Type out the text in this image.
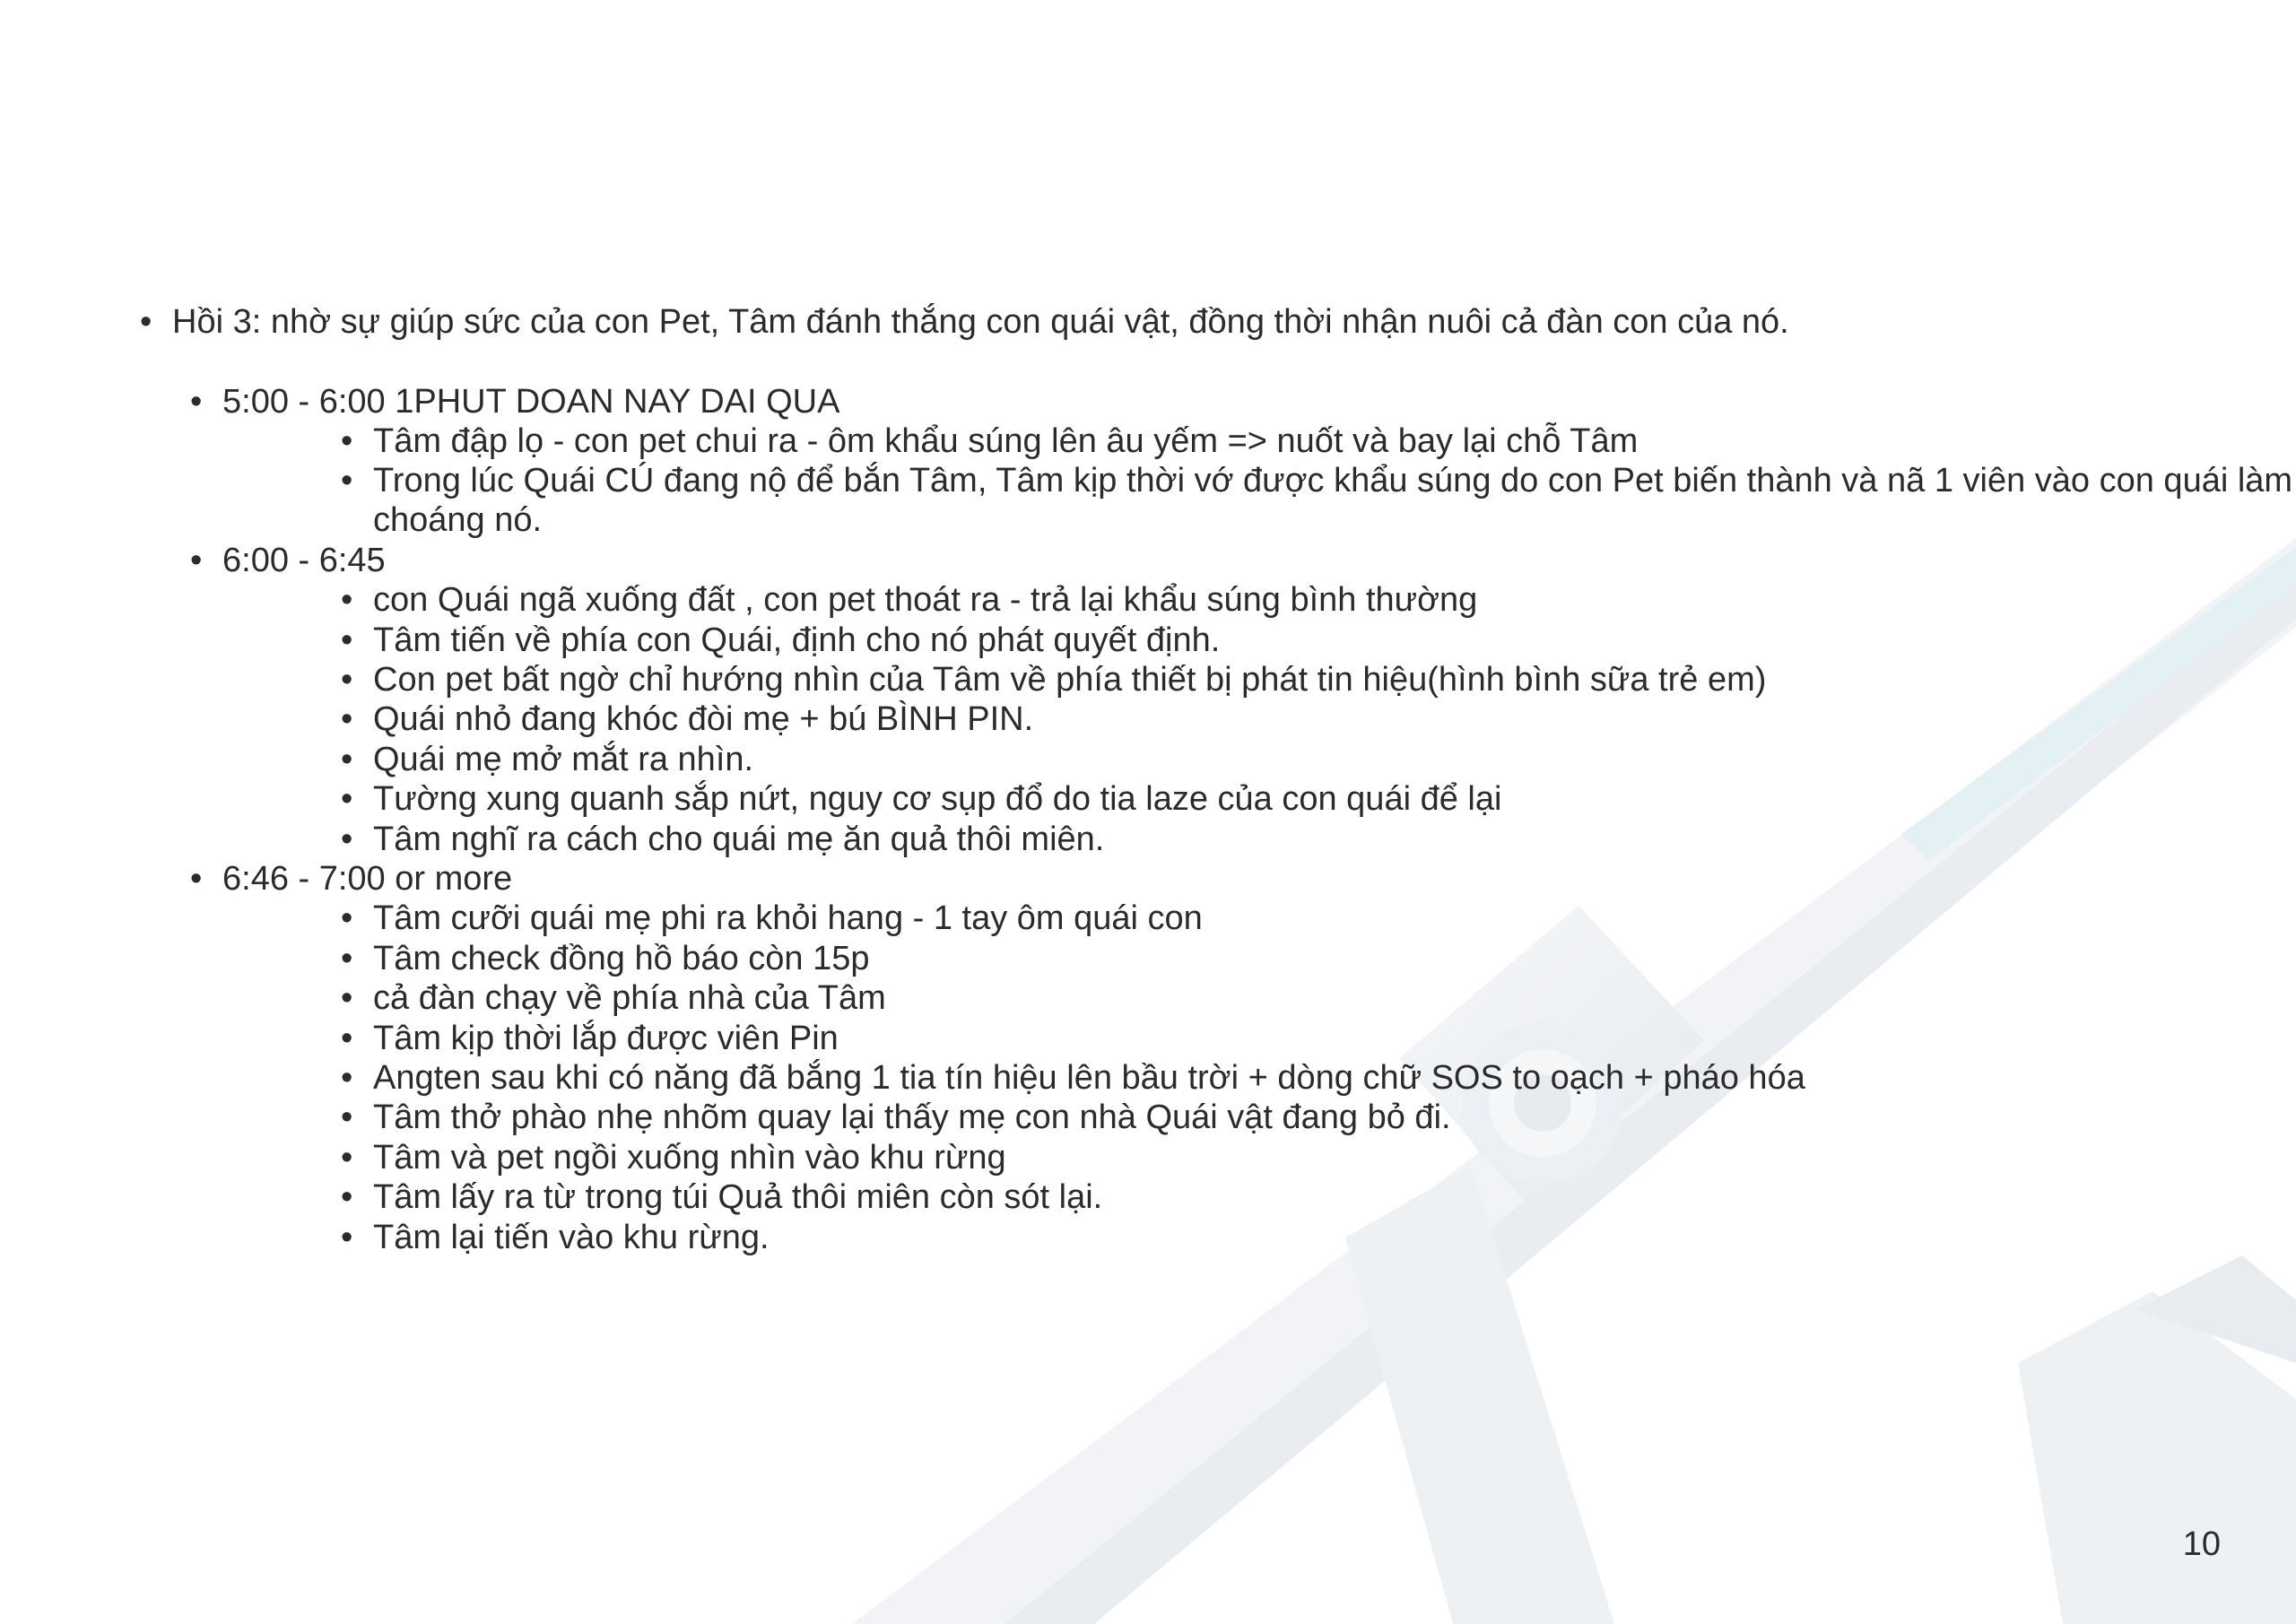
• Hồi 3: nhờ sự giúp sức của con Pet, Tâm đánh thắng con quái vật, đồng thời nhận nuôi cả đàn con của nó.
• 5:00 - 6:00 1PHUT DOAN NAY DAI QUA
• Tâm đập lọ - con pet chui ra - ôm khẩu súng lên âu yếm => nuốt và bay lại chỗ Tâm
• Trong lúc Quái CÚ đang nộ để bắn Tâm, Tâm kịp thời vớ được khẩu súng do con Pet biến thành và nã 1 viên vào con quái làm choáng nó.
• 6:00 - 6:45
• con Quái ngã xuống đất , con pet thoát ra - trả lại khẩu súng bình thường
• Tâm tiến về phía con Quái, định cho nó phát quyết định.
• Con pet bất ngờ chỉ hướng nhìn của Tâm về phía thiết bị phát tin hiệu(hình bình sữa trẻ em)
• Quái nhỏ đang khóc đòi mẹ + bú BÌNH PIN.
• Quái mẹ mở mắt ra nhìn.
• Tường xung quanh sắp nứt, nguy cơ sụp đổ do tia laze của con quái để lại
• Tâm nghĩ ra cách cho quái mẹ ăn quả thôi miên.
• 6:46 - 7:00 or more
• Tâm cưỡi quái mẹ phi ra khỏi hang - 1 tay ôm quái con
• Tâm check đồng hồ báo còn 15p
• cả đàn chạy về phía nhà của Tâm
• Tâm kịp thời lắp được viên Pin
• Angten sau khi có năng đã bắng 1 tia tín hiệu lên bầu trời + dòng chữ SOS to oạch + pháo hóa
• Tâm thở phào nhẹ nhõm quay lại thấy mẹ con nhà Quái vật đang bỏ đi.
• Tâm và pet ngồi xuống nhìn vào khu rừng
• Tâm lấy ra từ trong túi Quả thôi miên còn sót lại.
• Tâm lại tiến vào khu rừng.
10
